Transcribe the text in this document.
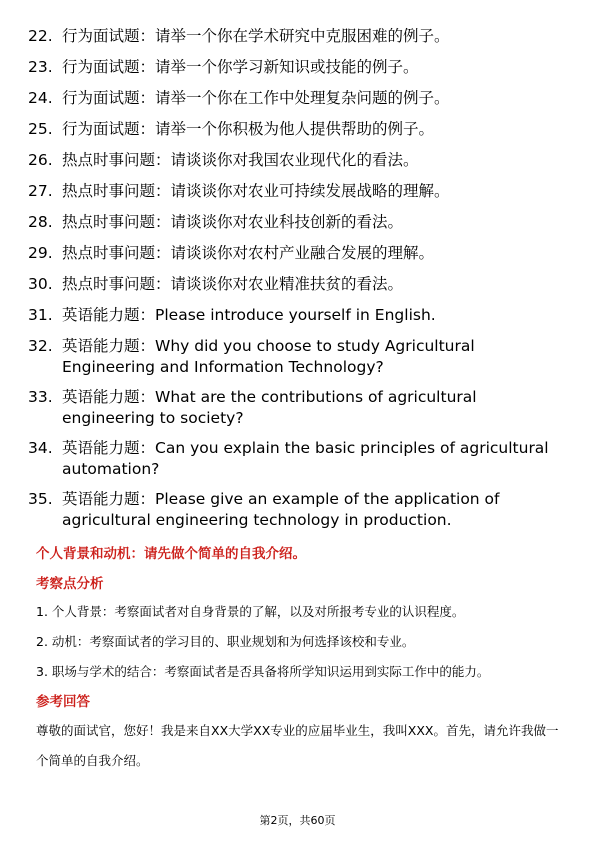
22. 行为面试题：请举一个你在学术研究中克服困难的例子。
23. 行为面试题：请举一个你学习新知识或技能的例子。
24. 行为面试题：请举一个你在工作中处理复杂问题的例子。
25. 行为面试题：请举一个你积极为他人提供帮助的例子。
26. 热点时事问题：请谈谈你对我国农业现代化的看法。
27. 热点时事问题：请谈谈你对农业可持续发展战略的理解。
28. 热点时事问题：请谈谈你对农业科技创新的看法。
29. 热点时事问题：请谈谈你对农村产业融合发展的理解。
30. 热点时事问题：请谈谈你对农业精准扶贫的看法。
31. 英语能力题：Please introduce yourself in English.
32. 英语能力题：Why did you choose to study Agricultural Engineering and Information Technology?
33. 英语能力题：What are the contributions of agricultural engineering to society?
34. 英语能力题：Can you explain the basic principles of agricultural automation?
35. 英语能力题：Please give an example of the application of agricultural engineering technology in production.
个人背景和动机：请先做个简单的自我介绍。
考察点分析
1. 个人背景：考察面试者对自身背景的了解，以及对所报考专业的认识程度。
2. 动机：考察面试者的学习目的、职业规划和为何选择该校和专业。
3. 职场与学术的结合：考察面试者是否具备将所学知识运用到实际工作中的能力。
参考回答
尊敬的面试官，您好！我是来自XX大学XX专业的应届毕业生，我叫XXX。首先，请允许我做一个简单的自我介绍。
第2页，共60页
